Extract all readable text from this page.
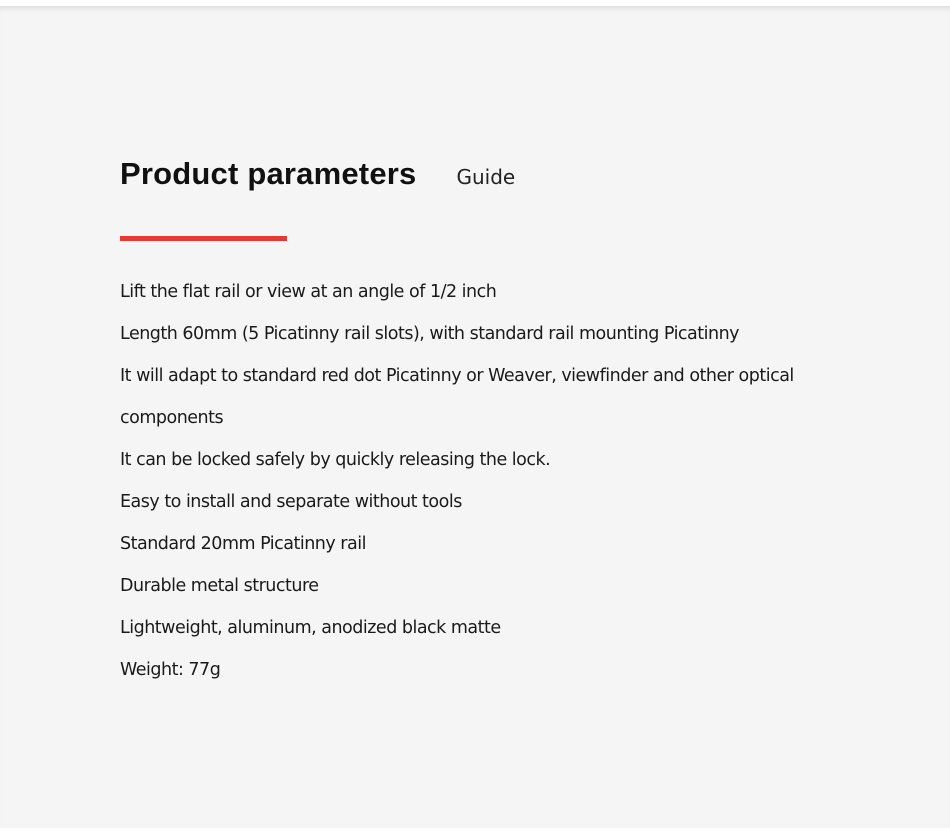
Product parameters Guide
Lift the flat rail or view at an angle of 1/2 inch
Length 60mm (5 Picatinny rail slots), with standard rail mounting Picatinny
It will adapt to standard red dot Picatinny or Weaver, viewfinder and other optical
components
It can be locked safely by quickly releasing the lock.
Easy to install and separate without tools
Standard 20mm Picatinny rail
Durable metal structure
Lightweight, aluminum, anodized black matte
Weight: 77g
